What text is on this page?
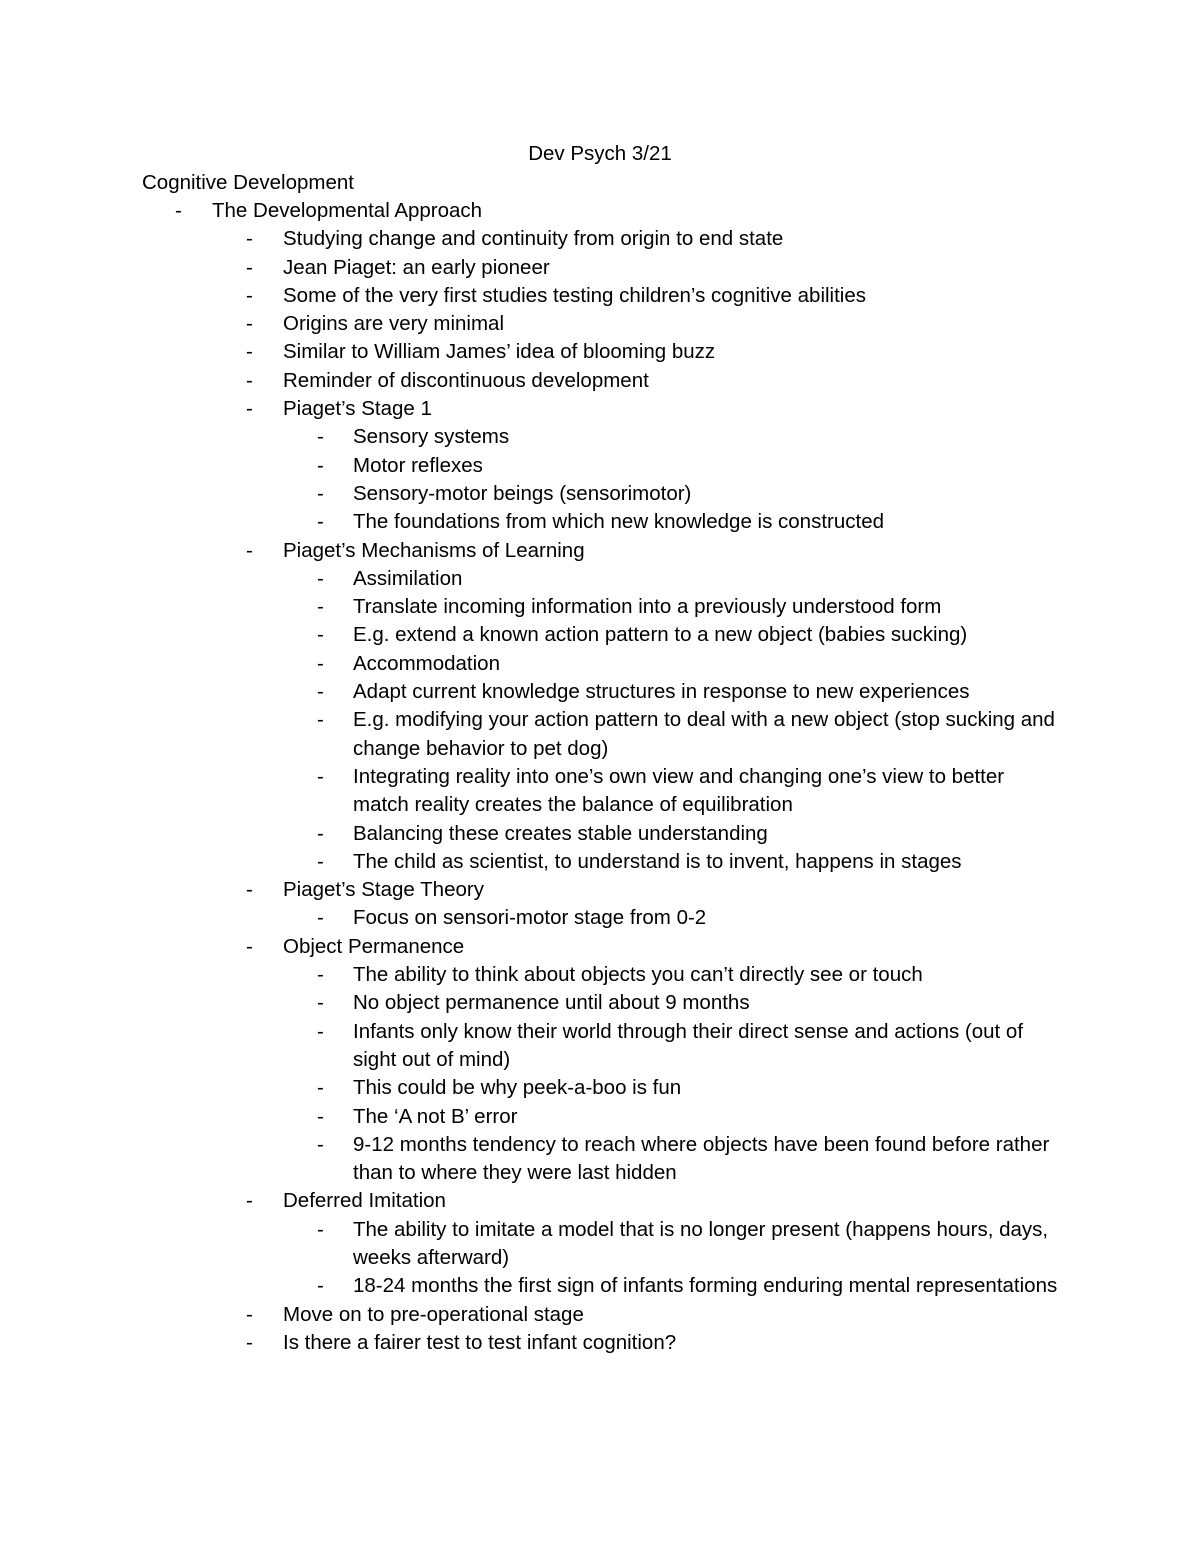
Dev Psych 3/21
Cognitive Development
- The Developmental Approach
- Studying change and continuity from origin to end state
- Jean Piaget: an early pioneer
- Some of the very first studies testing children’s cognitive abilities
- Origins are very minimal
- Similar to William James’ idea of blooming buzz
- Reminder of discontinuous development
- Piaget’s Stage 1
- Sensory systems
- Motor reflexes
- Sensory-motor beings (sensorimotor)
- The foundations from which new knowledge is constructed
- Piaget’s Mechanisms of Learning
- Assimilation
- Translate incoming information into a previously understood form
- E.g. extend a known action pattern to a new object (babies sucking)
- Accommodation
- Adapt current knowledge structures in response to new experiences
- E.g. modifying your action pattern to deal with a new object (stop sucking and change behavior to pet dog)
- Integrating reality into one’s own view and changing one’s view to better match reality creates the balance of equilibration
- Balancing these creates stable understanding
- The child as scientist, to understand is to invent, happens in stages
- Piaget’s Stage Theory
- Focus on sensori-motor stage from 0-2
- Object Permanence
- The ability to think about objects you can’t directly see or touch
- No object permanence until about 9 months
- Infants only know their world through their direct sense and actions (out of sight out of mind)
- This could be why peek-a-boo is fun
- The ‘A not B’ error
- 9-12 months tendency to reach where objects have been found before rather than to where they were last hidden
- Deferred Imitation
- The ability to imitate a model that is no longer present (happens hours, days, weeks afterward)
- 18-24 months the first sign of infants forming enduring mental representations
- Move on to pre-operational stage
- Is there a fairer test to test infant cognition?
